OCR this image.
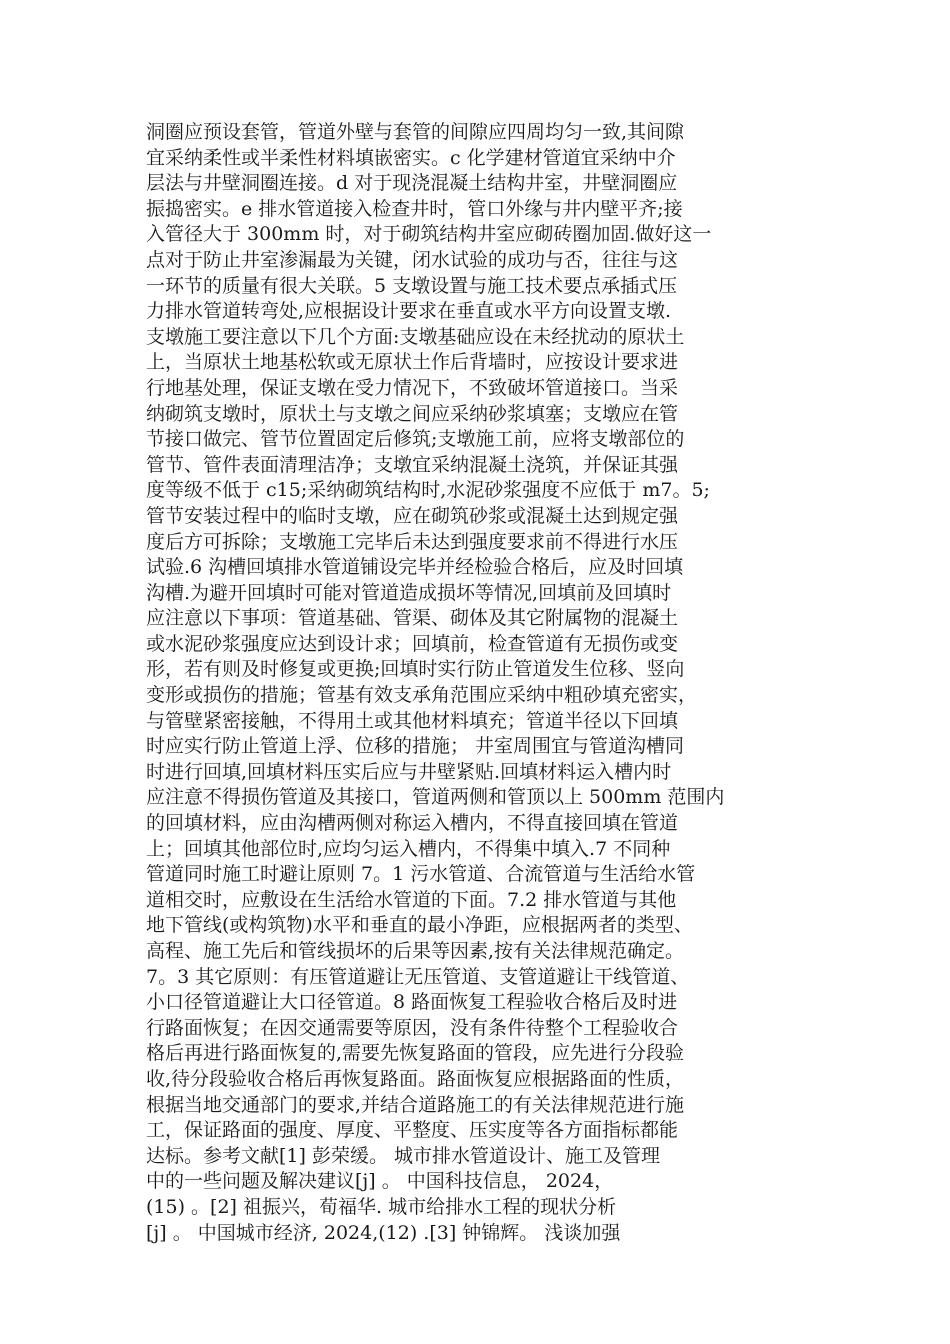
洞圈应预设套管，管道外壁与套管的间隙应四周均匀一致,其间隙
宜采纳柔性或半柔性材料填嵌密实。c 化学建材管道宜采纳中介
层法与井壁洞圈连接。d 对于现浇混凝土结构井室，井壁洞圈应
振捣密实。e 排水管道接入检查井时，管口外缘与井内壁平齐;接
入管径大于 300mm 时，对于砌筑结构井室应砌砖圈加固.做好这一
点对于防止井室渗漏最为关键，闭水试验的成功与否，往往与这
一环节的质量有很大关联。5 支墩设置与施工技术要点承插式压
力排水管道转弯处,应根据设计要求在垂直或水平方向设置支墩.
支墩施工要注意以下几个方面:支墩基础应设在未经扰动的原状土
上，当原状土地基松软或无原状土作后背墙时，应按设计要求进
行地基处理，保证支墩在受力情况下，不致破坏管道接口。当采
纳砌筑支墩时，原状土与支墩之间应采纳砂浆填塞；支墩应在管
节接口做完、管节位置固定后修筑;支墩施工前，应将支墩部位的
管节、管件表面清理洁净；支墩宜采纳混凝土浇筑，并保证其强
度等级不低于 c15;采纳砌筑结构时,水泥砂浆强度不应低于 m7。5;
管节安装过程中的临时支墩，应在砌筑砂浆或混凝土达到规定强
度后方可拆除；支墩施工完毕后未达到强度要求前不得进行水压
试验.6 沟槽回填排水管道铺设完毕并经检验合格后，应及时回填
沟槽.为避开回填时可能对管道造成损坏等情况,回填前及回填时
应注意以下事项：管道基础、管渠、砌体及其它附属物的混凝土
或水泥砂浆强度应达到设计求；回填前，检查管道有无损伤或变
形，若有则及时修复或更换;回填时实行防止管道发生位移、竖向
变形或损伤的措施；管基有效支承角范围应采纳中粗砂填充密实，
与管壁紧密接触，不得用土或其他材料填充；管道半径以下回填
时应实行防止管道上浮、位移的措施； 井室周围宜与管道沟槽同
时进行回填,回填材料压实后应与井壁紧贴.回填材料运入槽内时
应注意不得损伤管道及其接口，管道两侧和管顶以上 500mm 范围内
的回填材料，应由沟槽两侧对称运入槽内，不得直接回填在管道
上；回填其他部位时,应均匀运入槽内，不得集中填入.7 不同种
管道同时施工时避让原则 7。1 污水管道、合流管道与生活给水管
道相交时，应敷设在生活给水管道的下面。7.2 排水管道与其他
地下管线(或构筑物)水平和垂直的最小净距，应根据两者的类型、
高程、施工先后和管线损坏的后果等因素,按有关法律规范确定。
7。3 其它原则：有压管道避让无压管道、支管道避让干线管道、
小口径管道避让大口径管道。8 路面恢复工程验收合格后及时进
行路面恢复；在因交通需要等原因，没有条件待整个工程验收合
格后再进行路面恢复的,需要先恢复路面的管段，应先进行分段验
收,待分段验收合格后再恢复路面。路面恢复应根据路面的性质，
根据当地交通部门的要求,并结合道路施工的有关法律规范进行施
工，保证路面的强度、厚度、平整度、压实度等各方面指标都能
达标。参考文献[1] 彭荣缓。 城市排水管道设计、施工及管理
中的一些问题及解决建议[j] 。 中国科技信息， 2024，
(15) 。[2] 祖振兴，荀福华. 城市给排水工程的现状分析
[j] 。 中国城市经济, 2024,(12) .[3] 钟锦辉。 浅谈加强
